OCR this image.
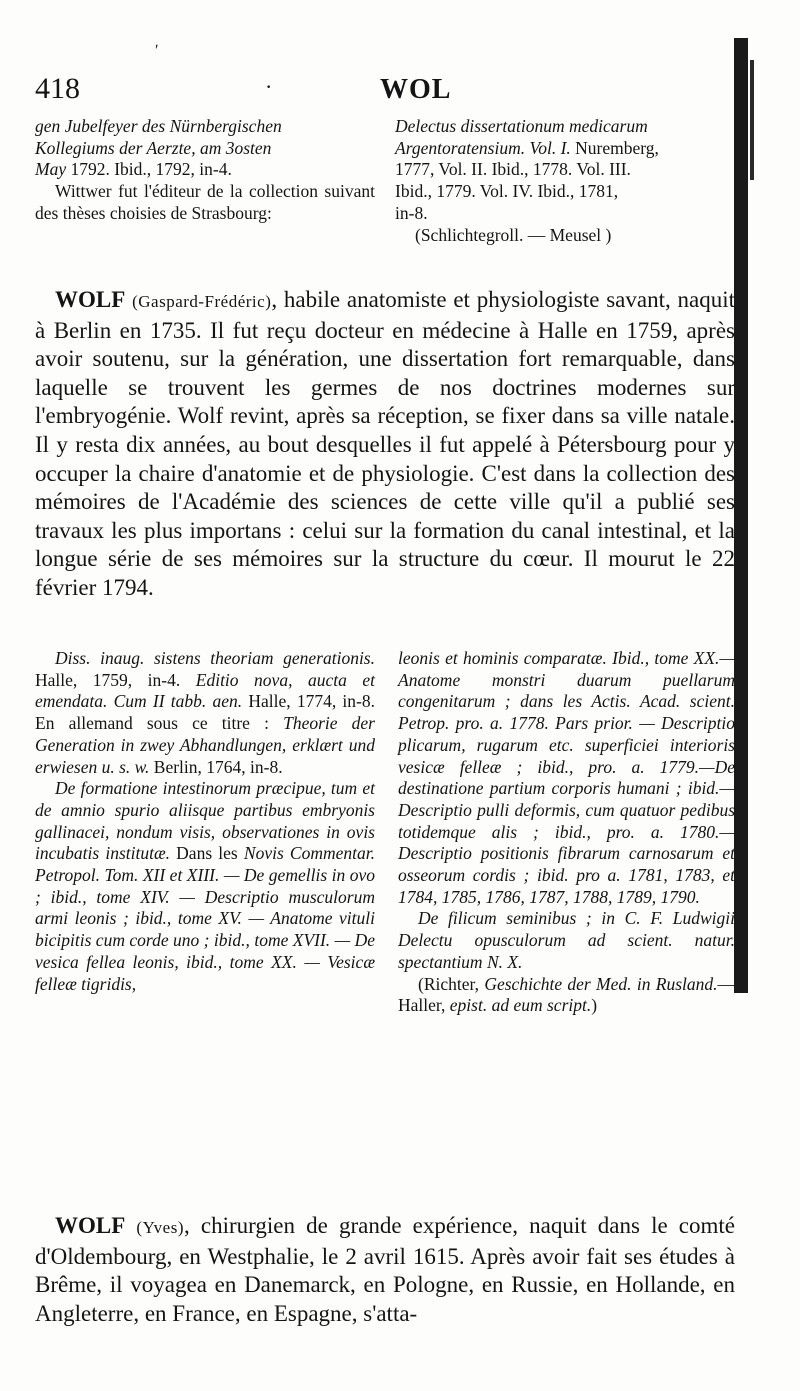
ʹ
418	·	WOL

gen Jubelfeyer des Nürnbergischen

Kollegiums der Aerzte, am 3osten

May 1792. Ibid., 1792, in-4.

Wittwer fut l'éditeur de la collection suivant des thèses choisies de Strasbourg:

Delectus dissertationum medicarum

Argentoratensium. Vol. I. Nuremberg,

1777, Vol. II. Ibid., 1778. Vol. III.

Ibid., 1779. Vol. IV. Ibid., 1781,

in-8.

(Schlichtegroll. — Meusel )

WOLF (Gaspard-Frédéric), habile anatomiste et physiologiste savant, naquit à Berlin en 1735. Il fut reçu docteur en médecine à Halle en 1759, après avoir soutenu, sur la génération, une dissertation fort remarquable, dans laquelle se trouvent les germes de nos doctrines modernes sur l'embryogénie. Wolf revint, après sa réception, se fixer dans sa ville natale. Il y resta dix années, au bout desquelles il fut appelé à Pétersbourg pour y occuper la chaire d'anatomie et de physiologie. C'est dans la collection des mémoires de l'Académie des sciences de cette ville qu'il a publié ses travaux les plus importans : celui sur la formation du canal intestinal, et la longue série de ses mémoires sur la structure du cœur. Il mourut le 22 février 1794.

Diss. inaug. sistens theoriam generationis. Halle, 1759, in-4. Editio nova, aucta et emendata. Cum II tabb. aen. Halle, 1774, in-8. En allemand sous ce titre : Theorie der Generation in zwey Abhandlungen, erklært und erwiesen u. s. w. Berlin, 1764, in-8.

De formatione intestinorum præcipue, tum et de amnio spurio aliisque partibus embryonis gallinacei, nondum visis, observationes in ovis incubatis institutæ. Dans les Novis Commentar. Petropol. Tom. XII et XIII. — De gemellis in ovo ; ibid., tome XIV. — Descriptio musculorum armi leonis ; ibid., tome XV. — Anatome vituli bicipitis cum corde uno ; ibid., tome XVII. — De vesica fellea leonis, ibid., tome XX. — Vesicæ felleæ tigridis,

leonis et hominis comparatæ. Ibid., tome XX.—Anatome monstri duarum puellarum congenitarum ; dans les Actis. Acad. scient. Petrop. pro. a. 1778. Pars prior. — Descriptio plicarum, rugarum etc. superficiei interioris vesicæ felleæ ; ibid., pro. a. 1779.—De destinatione partium corporis humani ; ibid.—Descriptio pulli deformis, cum quatuor pedibus totidemque alis ; ibid., pro. a. 1780.— Descriptio positionis fibrarum carnosarum et osseorum cordis ; ibid. pro a. 1781, 1783, et 1784, 1785, 1786, 1787, 1788, 1789, 1790.

De filicum seminibus ; in C. F. Ludwigii Delectu opusculorum ad scient. natur. spectantium N. X.

(Richter, Geschichte der Med. in Rusland.—Haller, epist. ad eum script.)

WOLF (Yves), chirurgien de grande expérience, naquit dans le comté d'Oldembourg, en Westphalie, le 2 avril 1615. Après avoir fait ses études à Brême, il voyagea en Danemarck, en Pologne, en Russie, en Hollande, en Angleterre, en France, en Espagne, s'atta-
